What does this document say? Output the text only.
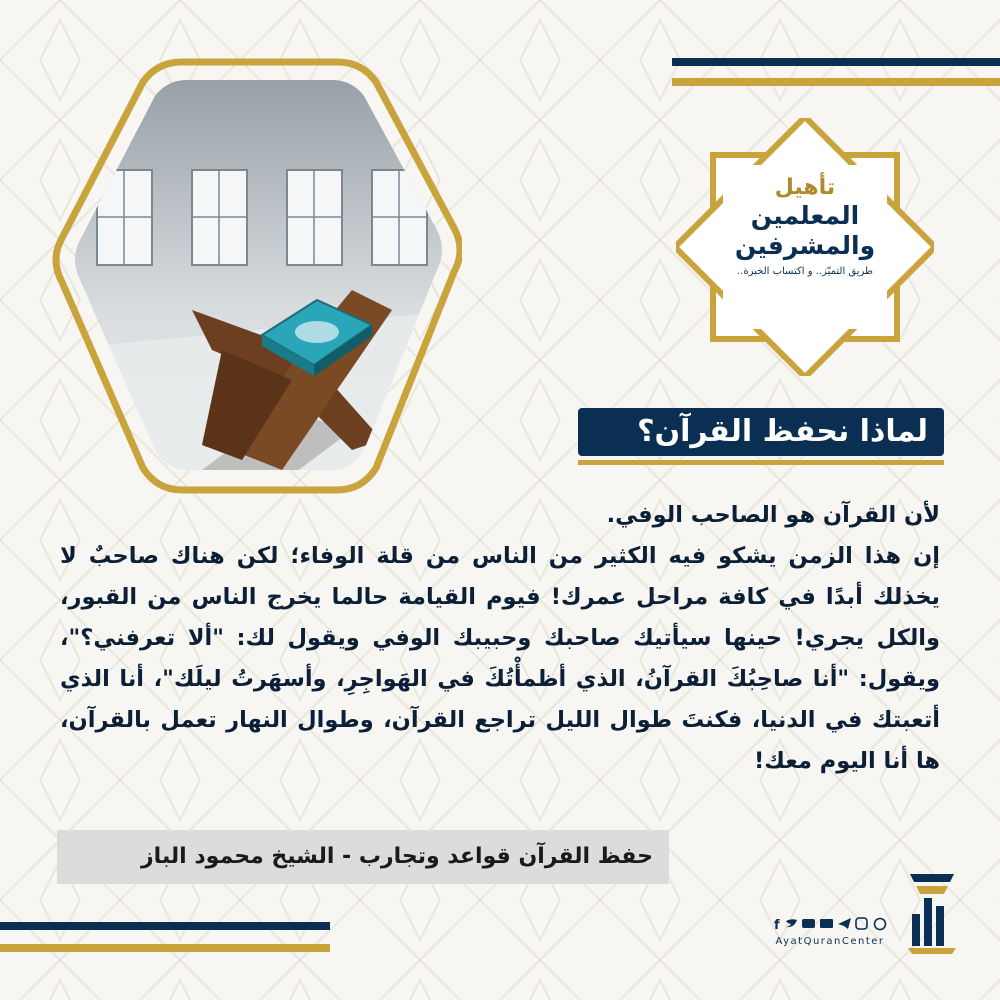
تأهيل
المعلمين
والمشرفين
طريق التميّز.. و اكتساب الخبرة..
لماذا نحفظ القرآن؟

لأن القرآن هو الصاحب الوفي.

إن هذا الزمن يشكو فيه الكثير من الناس من قلة الوفاء؛ لكن هناك صاحبٌ لا يخذلك أبدًا في كافة مراحل عمرك! فيوم القيامة حالما يخرج الناس من القبور، والكل يجري! حينها سيأتيك صاحبك وحبيبك الوفي ويقول لك: "ألا تعرفني؟"، ويقول: "أنا صاحِبُكَ القرآنُ، الذي أظمأْتُكَ في الهَواجِرِ، وأسهَرتُ ليلَك"، أنا الذي أتعبتك في الدنيا، فكنتَ طوال الليل تراجع القرآن، وطوال النهار تعمل بالقرآن، ها أنا اليوم معك!

حفظ القرآن قواعد وتجارب - الشيخ محمود الباز
f
AyatQuranCenter
